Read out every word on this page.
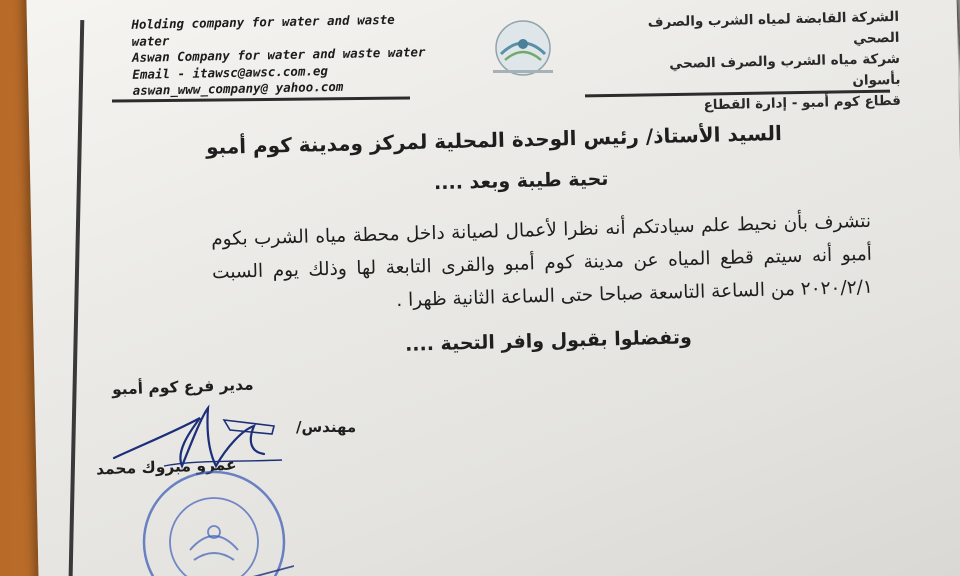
Holding company for water and waste water
Aswan Company for water and waste water
Email - itawsc@awsc.com.eg
aswan_www_company@ yahoo.com
الشركة القابضة لمياه الشرب والصرف الصحي
شركة مياه الشرب والصرف الصحي بأسوان
قطاع كوم أمبو - إدارة القطاع
السيد الأستاذ/ رئيس الوحدة المحلية لمركز ومدينة كوم أمبو
تحية طيبة وبعد ....
نتشرف بأن نحيط علم سيادتكم أنه نظرا لأعمال لصيانة داخل محطة مياه الشرب بكوم أمبو أنه سيتم قطع المياه عن مدينة كوم أمبو والقرى التابعة لها وذلك يوم السبت ٢٠٢٠/٢/١ من الساعة التاسعة صباحا حتى الساعة الثانية ظهرا .
وتفضلوا بقبول وافر التحية ....
مدير فرع كوم أمبو
مهندس/
عمرو مبروك محمد
